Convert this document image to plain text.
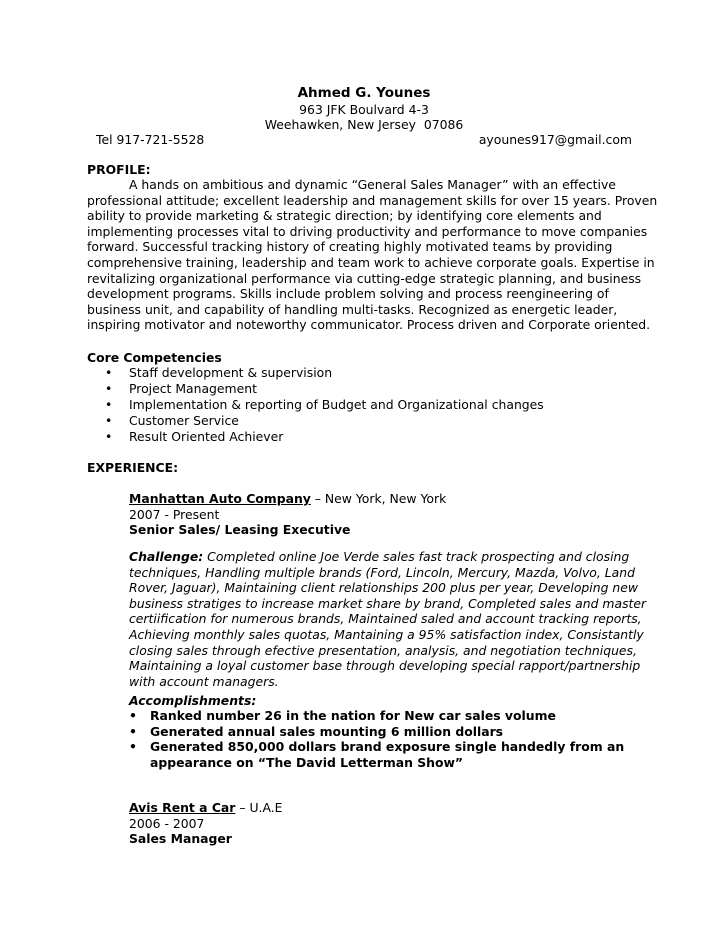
Ahmed G. Younes
963 JFK Boulvard 4-3
Weehawken, New Jersey  07086
Tel 917-721-5528	ayounes917@gmail.com
PROFILE:
A hands on ambitious and dynamic “General Sales Manager” with an effective
professional attitude; excellent leadership and management skills for over 15 years. Proven
ability to provide marketing & strategic direction; by identifying core elements and
implementing processes vital to driving productivity and performance to move companies
forward. Successful tracking history of creating highly motivated teams by providing
comprehensive training, leadership and team work to achieve corporate goals. Expertise in
revitalizing organizational performance via cutting-edge strategic planning, and business
development programs. Skills include problem solving and process reengineering of
business unit, and capability of handling multi-tasks. Recognized as energetic leader,
inspiring motivator and noteworthy communicator. Process driven and Corporate oriented.
Core Competencies
• Staff development & supervision
• Project Management
• Implementation & reporting of Budget and Organizational changes
• Customer Service
• Result Oriented Achiever
EXPERIENCE:
Manhattan Auto Company – New York, New York
2007 - Present
Senior Sales/ Leasing Executive
Challenge: Completed online Joe Verde sales fast track prospecting and closing
techniques, Handling multiple brands (Ford, Lincoln, Mercury, Mazda, Volvo, Land
Rover, Jaguar), Maintaining client relationships 200 plus per year, Developing new
business stratiges to increase market share by brand, Completed sales and master
certiification for numerous brands, Maintained saled and account tracking reports,
Achieving monthly sales quotas, Mantaining a 95% satisfaction index, Consistantly
closing sales through efective presentation, analysis, and negotiation techniques,
Maintaining a loyal customer base through developing special rapport/partnership
with account managers.
Accomplishments:
• Ranked number 26 in the nation for New car sales volume
• Generated annual sales mounting 6 million dollars
• Generated 850,000 dollars brand exposure single handedly from an appearance on “The David Letterman Show”
Avis Rent a Car – U.A.E
2006 - 2007
Sales Manager
